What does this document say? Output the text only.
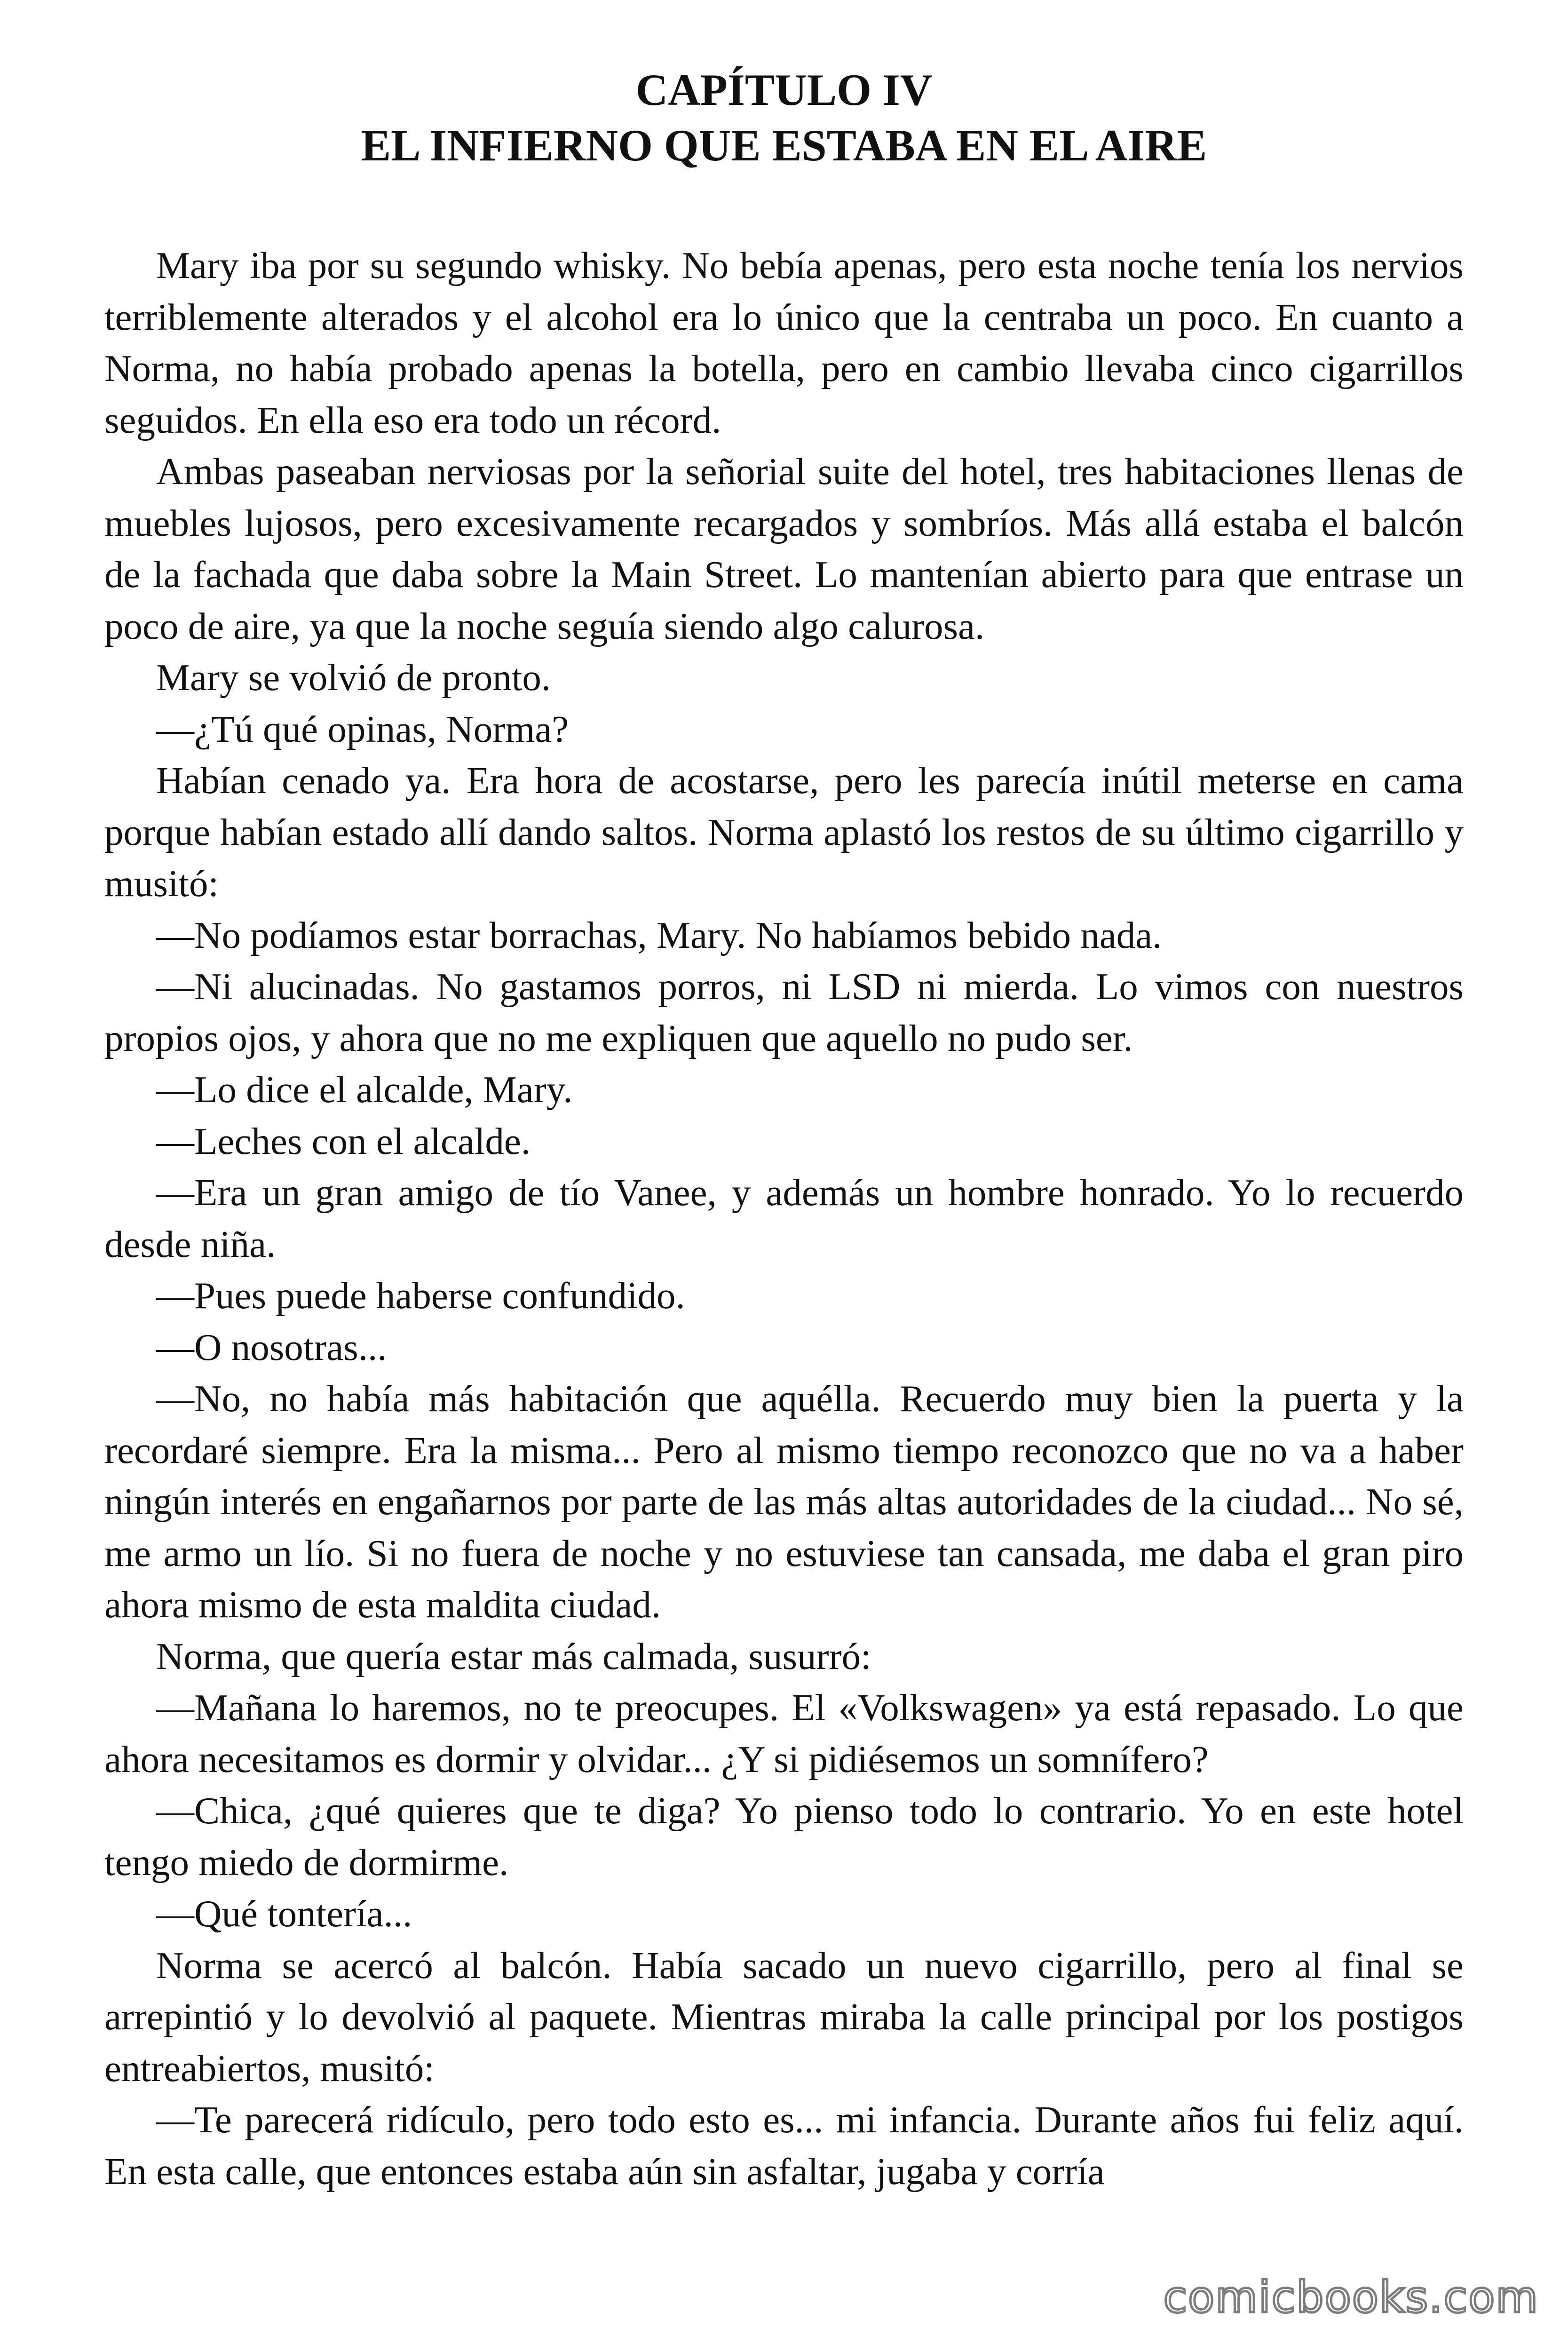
CAPÍTULO IV
EL INFIERNO QUE ESTABA EN EL AIRE

Mary iba por su segundo whisky. No bebía apenas, pero esta noche tenía los nervios terriblemente alterados y el alcohol era lo único que la centraba un poco. En cuanto a Norma, no había probado apenas la botella, pero en cambio llevaba cinco cigarrillos seguidos. En ella eso era todo un récord.

Ambas paseaban nerviosas por la señorial suite del hotel, tres habitaciones llenas de muebles lujosos, pero excesivamente recargados y sombríos. Más allá estaba el balcón de la fachada que daba sobre la Main Street. Lo mantenían abierto para que entrase un poco de aire, ya que la noche seguía siendo algo calurosa.

Mary se volvió de pronto.

—¿Tú qué opinas, Norma?

Habían cenado ya. Era hora de acostarse, pero les parecía inútil meterse en cama porque habían estado allí dando saltos. Norma aplastó los restos de su último cigarrillo y musitó:

—No podíamos estar borrachas, Mary. No habíamos bebido nada.

—Ni alucinadas. No gastamos porros, ni LSD ni mierda. Lo vimos con nuestros propios ojos, y ahora que no me expliquen que aquello no pudo ser.

—Lo dice el alcalde, Mary.

—Leches con el alcalde.

—Era un gran amigo de tío Vanee, y además un hombre honrado. Yo lo recuerdo desde niña.

—Pues puede haberse confundido.

—O nosotras...

—No, no había más habitación que aquélla. Recuerdo muy bien la puerta y la recordaré siempre. Era la misma... Pero al mismo tiempo reconozco que no va a haber ningún interés en engañarnos por parte de las más altas autoridades de la ciudad... No sé, me armo un lío. Si no fuera de noche y no estuviese tan cansada, me daba el gran piro ahora mismo de esta maldita ciudad.

Norma, que quería estar más calmada, susurró:

—Mañana lo haremos, no te preocupes. El «Volkswagen» ya está repasado. Lo que ahora necesitamos es dormir y olvidar... ¿Y si pidiésemos un somnífero?

—Chica, ¿qué quieres que te diga? Yo pienso todo lo contrario. Yo en este hotel tengo miedo de dormirme.

—Qué tontería...

Norma se acercó al balcón. Había sacado un nuevo cigarrillo, pero al final se arrepintió y lo devolvió al paquete. Mientras miraba la calle principal por los postigos entreabiertos, musitó:

—Te parecerá ridículo, pero todo esto es... mi infancia. Durante años fui feliz aquí. En esta calle, que entonces estaba aún sin asfaltar, jugaba y corría

comicbooks.com
